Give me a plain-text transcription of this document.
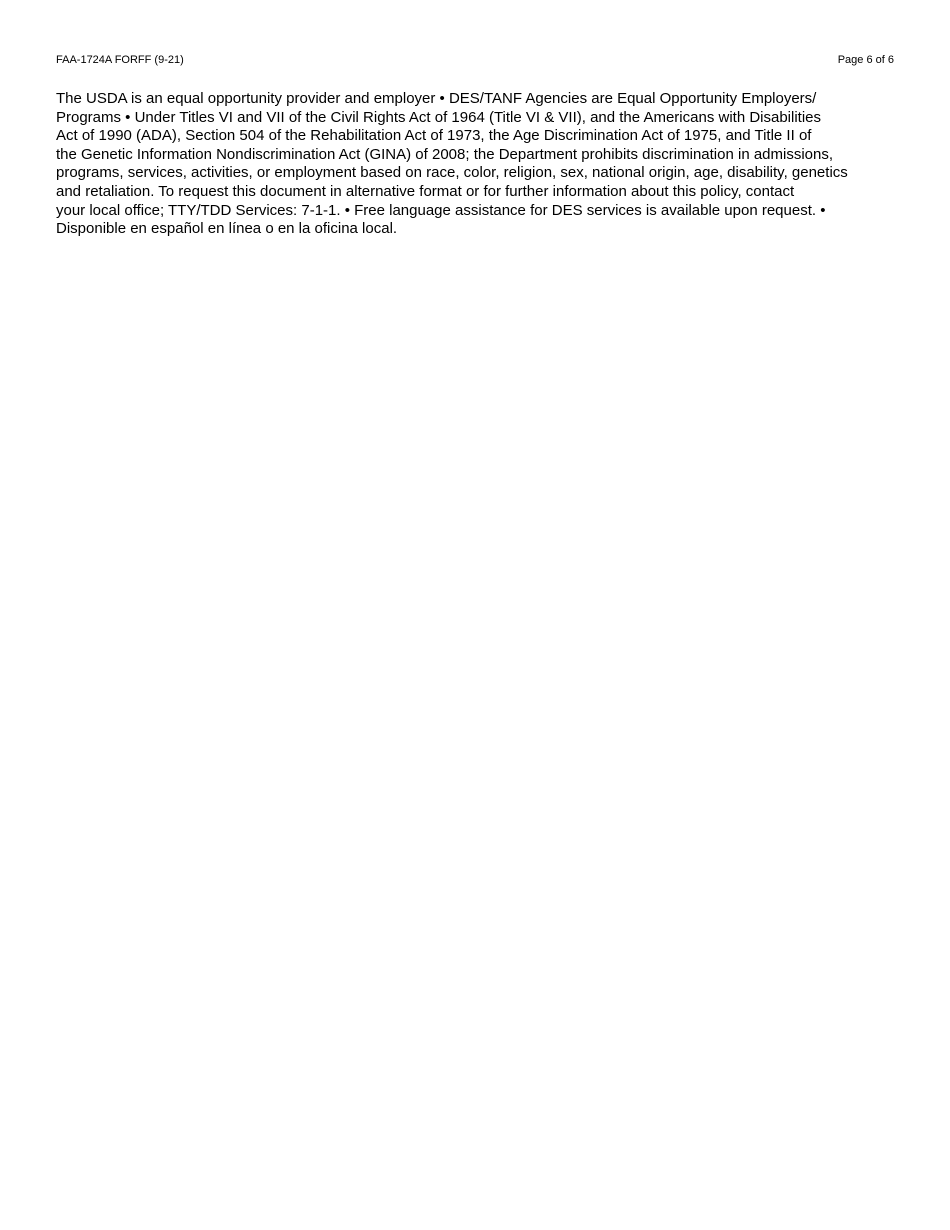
FAA-1724A FORFF (9-21)	Page 6 of 6

The USDA is an equal opportunity provider and employer • DES/TANF Agencies are Equal Opportunity Employers/
Programs • Under Titles VI and VII of the Civil Rights Act of 1964 (Title VI & VII), and the Americans with Disabilities
Act of 1990 (ADA), Section 504 of the Rehabilitation Act of 1973, the Age Discrimination Act of 1975, and Title II of
the Genetic Information Nondiscrimination Act (GINA) of 2008; the Department prohibits discrimination in admissions,
programs, services, activities, or employment based on race, color, religion, sex, national origin, age, disability, genetics
and retaliation. To request this document in alternative format or for further information about this policy, contact
your local office; TTY/TDD Services: 7-1-1. • Free language assistance for DES services is available upon request. •
Disponible en español en línea o en la oficina local.
